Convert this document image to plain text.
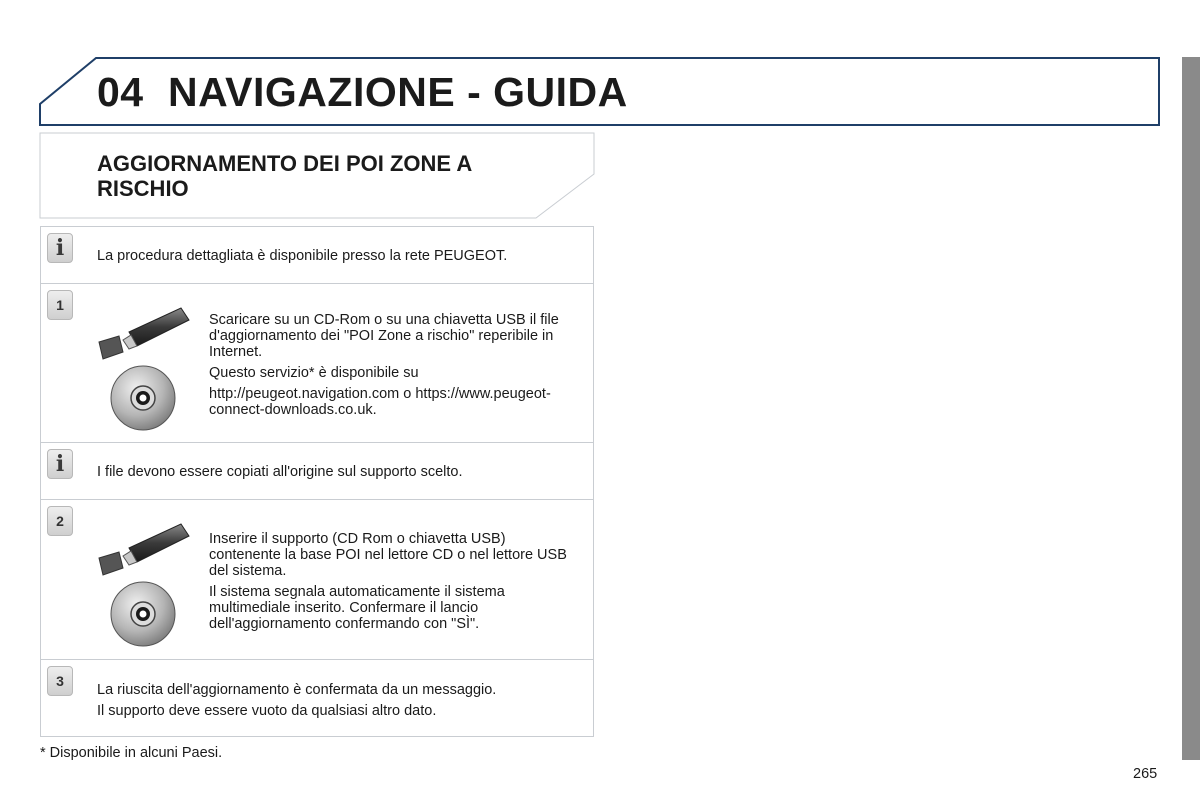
04 NAVIGAZIONE - GUIDA
AGGIORNAMENTO DEI POI ZONE A RISCHIO
i	La procedura dettagliata è disponibile presso la rete PEUGEOT.
1

Scaricare su un CD-Rom o su una chiavetta USB il file d'aggiornamento dei "POI Zone a rischio" reperibile in Internet.

Questo servizio* è disponibile su

http://peugeot.navigation.com o https://www.peugeot-connect-downloads.co.uk.

i	I file devono essere copiati all'origine sul supporto scelto.
2

Inserire il supporto (CD Rom o chiavetta USB) contenente la base POI nel lettore CD o nel lettore USB del sistema.

Il sistema segnala automaticamente il sistema multimediale inserito. Confermare il lancio dell'aggiornamento confermando con "SÌ".

3

La riuscita dell'aggiornamento è confermata da un messaggio.

Il supporto deve essere vuoto da qualsiasi altro dato.

* Disponibile in alcuni Paesi.
265
